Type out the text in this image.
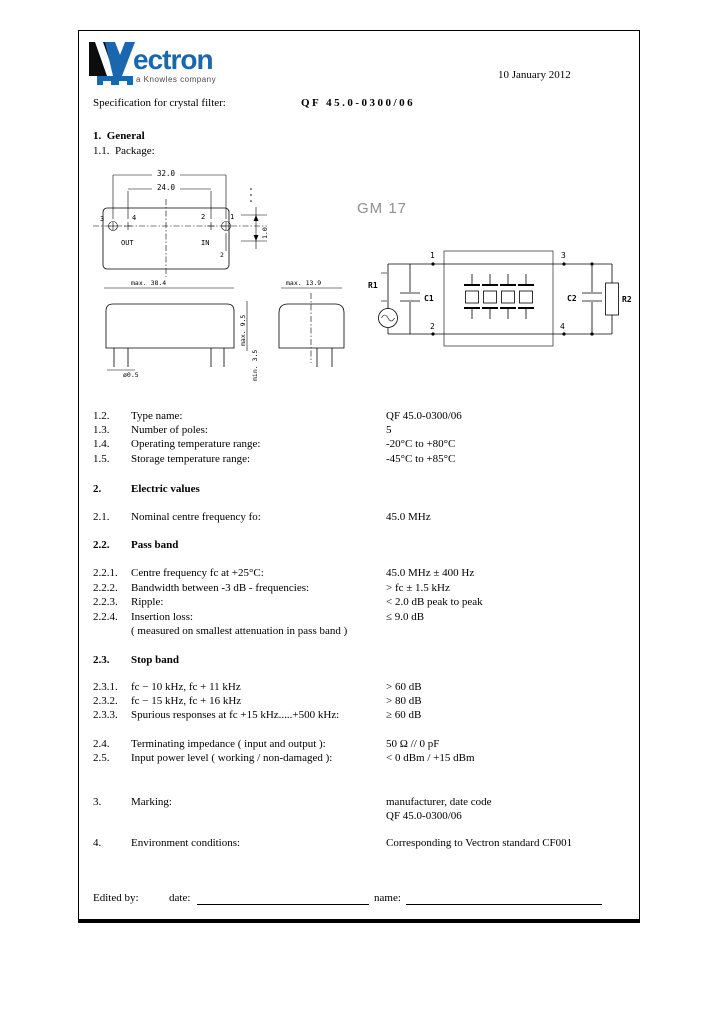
ectron
a Knowles company	10 January 2012
Specification for crystal filter:	QF 45.0-0300/06
1. General
1.1. Package:
32.0
24.0
3	4	2	1
OUT	IN
2
1.0
max. 38.4
ø0.5
max. 9.5
min. 3.5
max. 13.9
GM 17
R1
C1
1
2
3
4
C2	R2
1.2. Type name:	QF 45.0-0300/06
1.3. Number of poles:	5
1.4. Operating temperature range:	-20°C to +80°C
1.5. Storage temperature range:	-45°C to +85°C
2.	Electric values
2.1. Nominal centre frequency fo:	45.0 MHz
2.2. Pass band
2.2.1. Centre frequency fc at +25°C:	45.0 MHz ± 400 Hz
2.2.2. Bandwidth between -3 dB - frequencies:	> fc ± 1.5 kHz
2.2.3. Ripple:	< 2.0 dB peak to peak
2.2.4. Insertion loss:	≤ 9.0 dB
( measured on smallest attenuation in pass band )
2.3. Stop band
2.3.1. fc − 10 kHz, fc + 11 kHz	> 60 dB
2.3.2. fc − 15 kHz, fc + 16 kHz	> 80 dB
2.3.3. Spurious responses at fc +15 kHz.....+500 kHz:	≥ 60 dB
2.4. Terminating impedance ( input and output ):	50 Ω // 0 pF
2.5. Input power level ( working / non-damaged ):	< 0 dBm / +15 dBm
3.	Marking:	manufacturer, date code
QF 45.0-0300/06
4.	Environment conditions:	Corresponding to Vectron standard CF001
Edited by:	date:	name:
